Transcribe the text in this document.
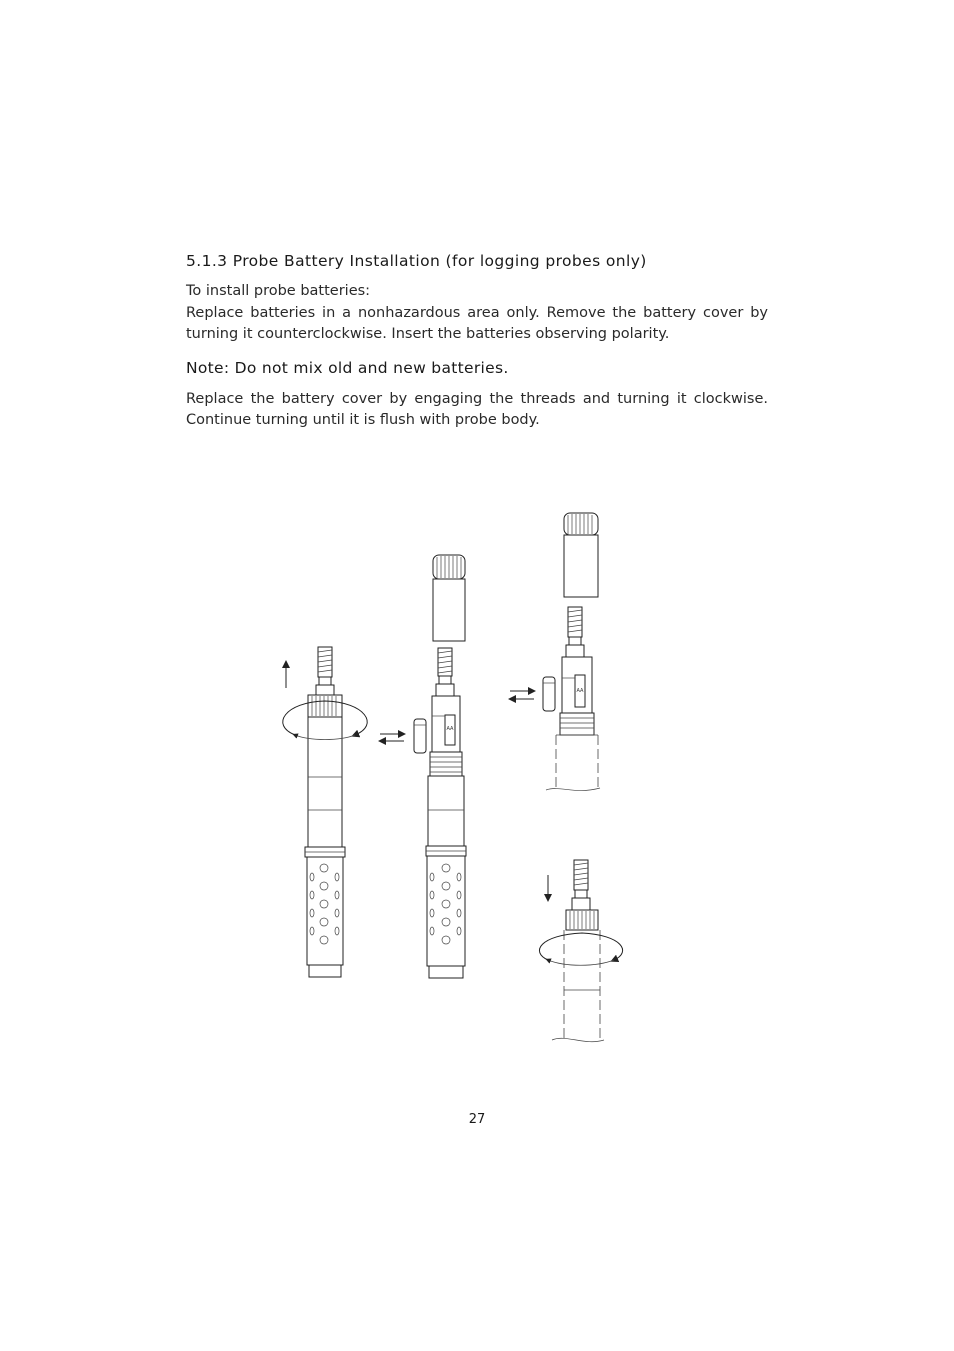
5.1.3 Probe Battery Installation (for logging probes only)
To install probe batteries:
Replace batteries in a nonhazardous area only. Remove the battery cover by turning it counterclockwise. Insert the batteries observing polarity.
Note: Do not mix old and new batteries.
Replace the battery cover by engaging the threads and turning it clockwise. Continue turning until it is flush with probe body.
AA
AA
27
